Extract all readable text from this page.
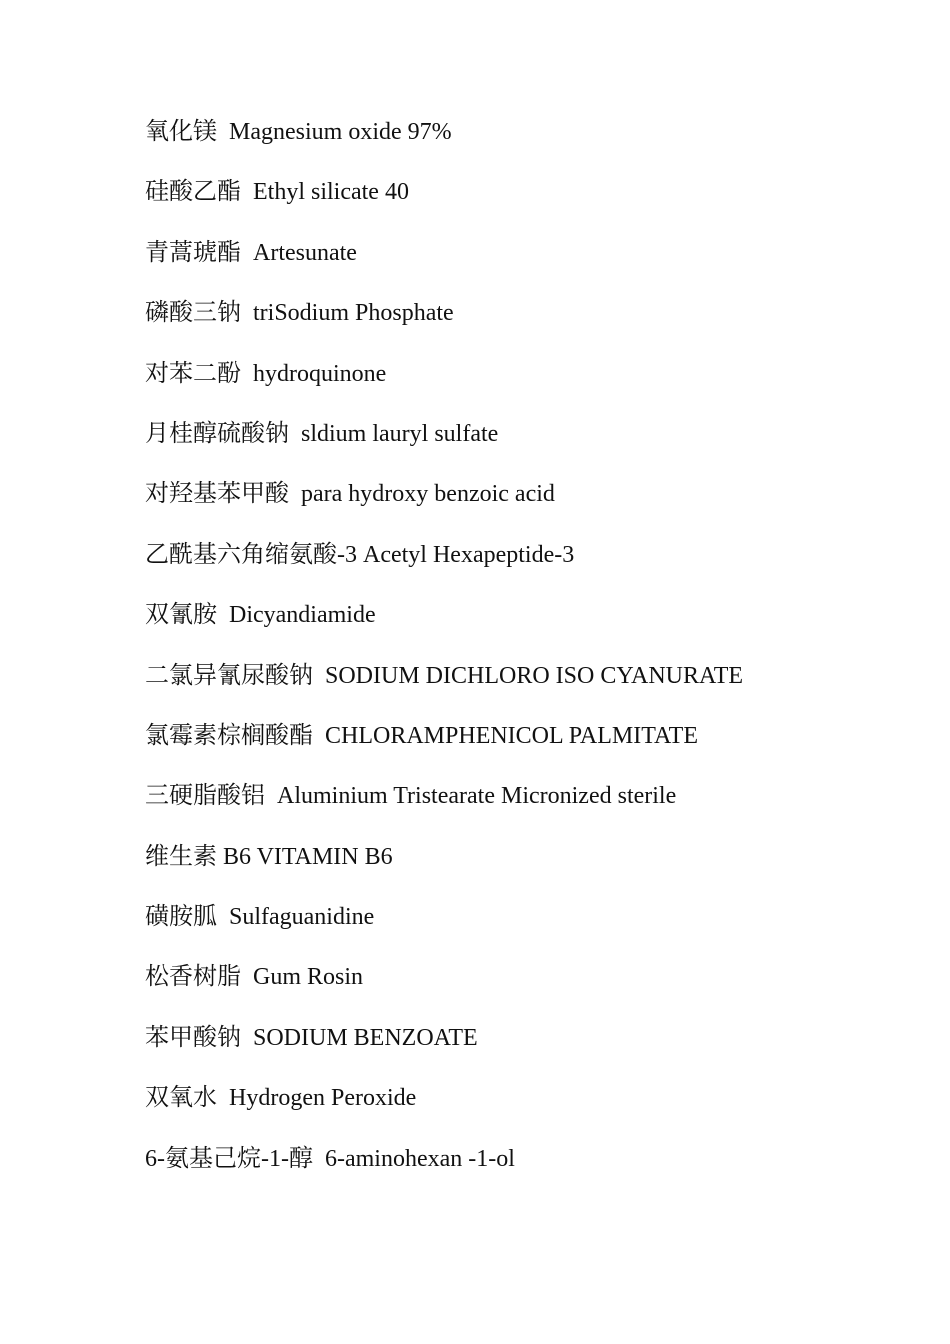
氧化镁  Magnesium oxide 97%
硅酸乙酯  Ethyl silicate 40
青蒿琥酯  Artesunate
磷酸三钠  triSodium Phosphate
对苯二酚  hydroquinone
月桂醇硫酸钠  sldium lauryl sulfate
对羟基苯甲酸  para hydroxy benzoic acid
乙酰基六角缩氨酸-3 Acetyl Hexapeptide-3
双氰胺  Dicyandiamide
二氯异氰尿酸钠  SODIUM DICHLORO ISO CYANURATE
氯霉素棕榈酸酯  CHLORAMPHENICOL PALMITATE
三硬脂酸铝  Aluminium Tristearate Micronized sterile
维生素 B6 VITAMIN B6
磺胺胍  Sulfaguanidine
松香树脂  Gum Rosin
苯甲酸钠  SODIUM BENZOATE
双氧水  Hydrogen Peroxide
6-氨基己烷-1-醇  6-aminohexan -1-ol
